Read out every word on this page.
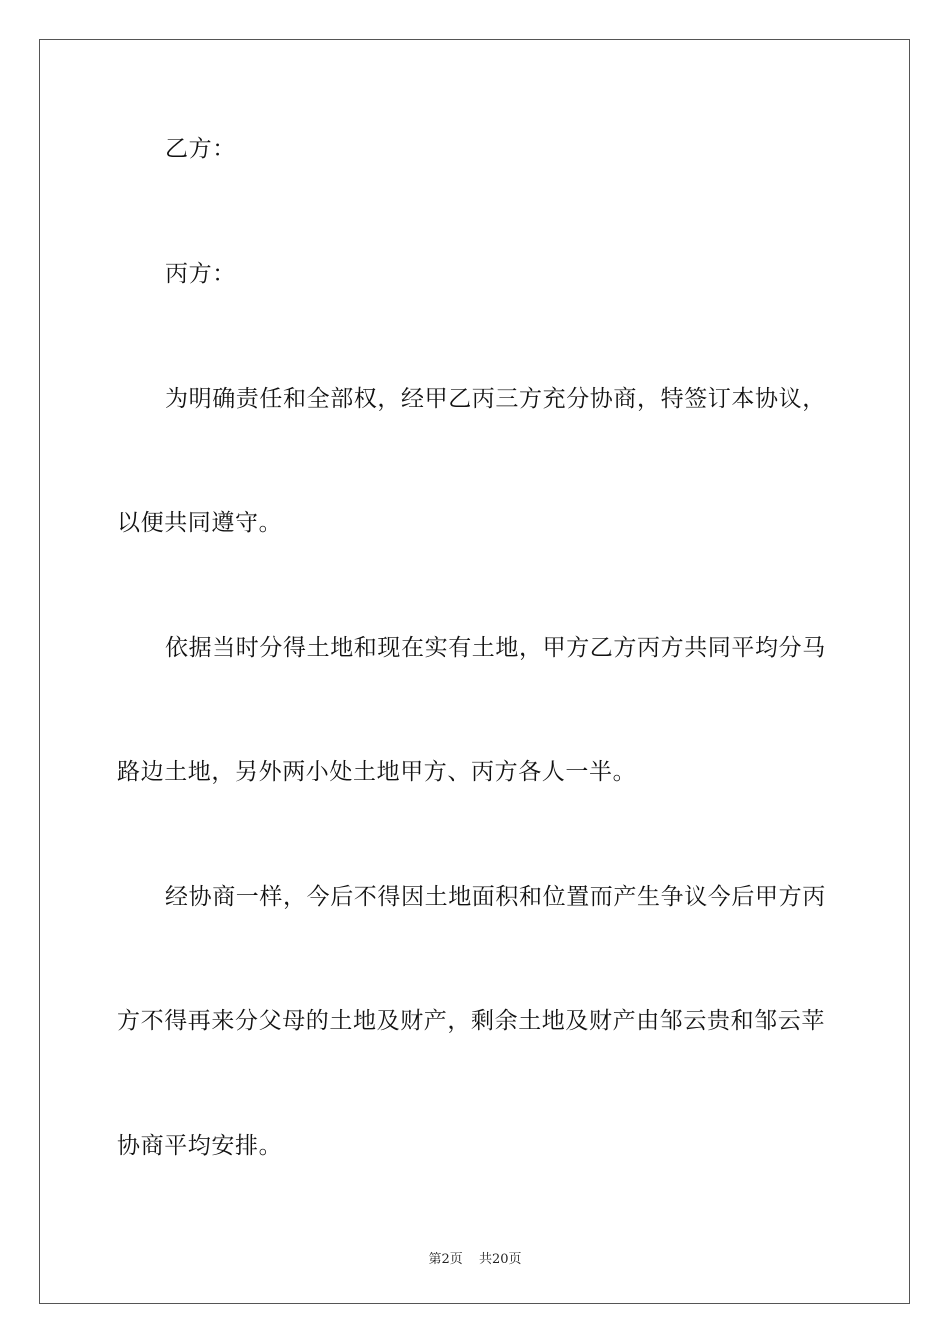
乙方：
丙方：
为明确责任和全部权，经甲乙丙三方充分协商，特签订本协议，
以便共同遵守。
依据当时分得土地和现在实有土地，甲方乙方丙方共同平均分马
路边土地，另外两小处土地甲方、丙方各人一半。
经协商一样，今后不得因土地面积和位置而产生争议今后甲方丙
方不得再来分父母的土地及财产，剩余土地及财产由邹云贵和邹云苹
协商平均安排。
第2页 共20页
